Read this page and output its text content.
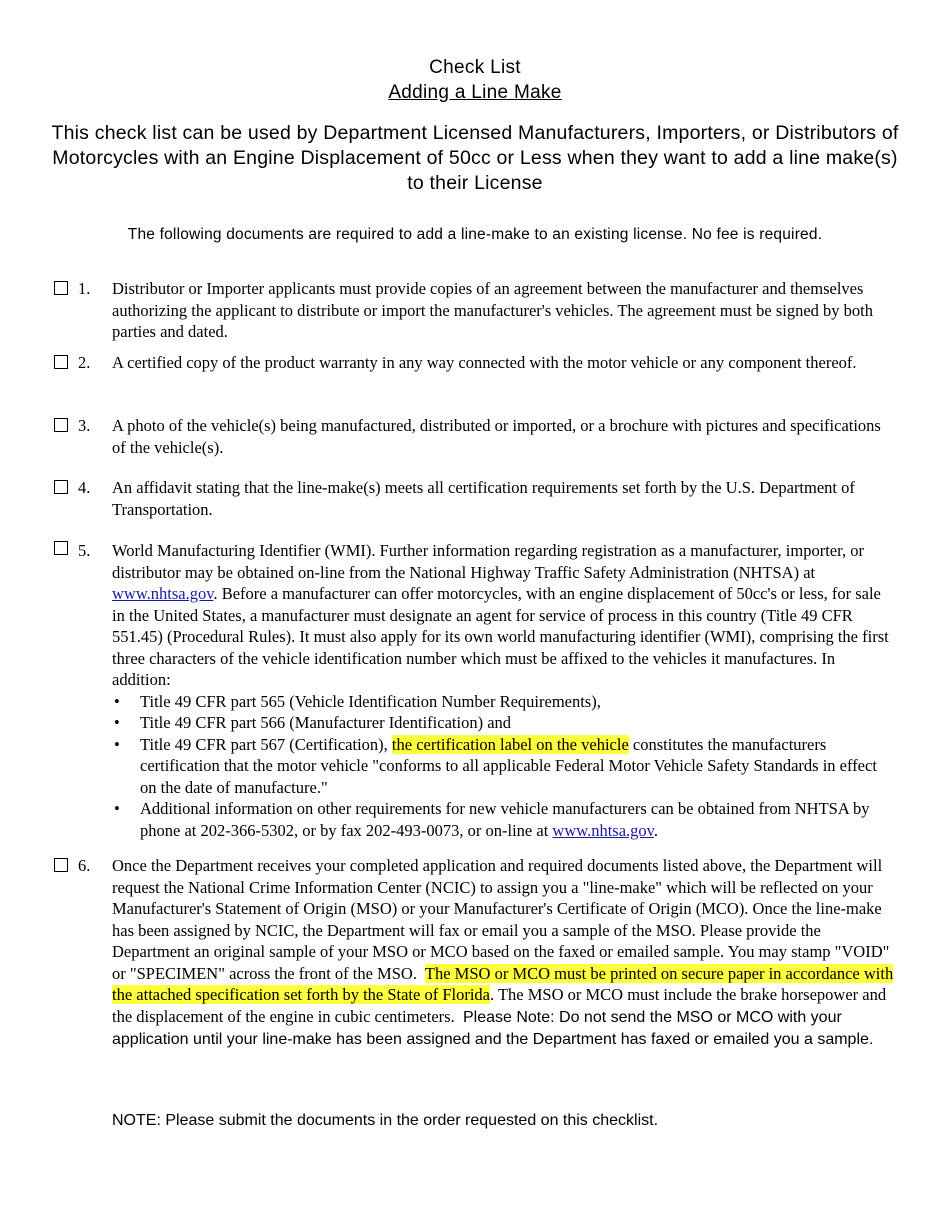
Check List
Adding a Line Make
This check list can be used by Department Licensed Manufacturers, Importers, or Distributors of Motorcycles with an Engine Displacement of 50cc or Less when they want to add a line make(s) to their License
The following documents are required to add a line-make to an existing license. No fee is required.
1. Distributor or Importer applicants must provide copies of an agreement between the manufacturer and themselves authorizing the applicant to distribute or import the manufacturer's vehicles. The agreement must be signed by both parties and dated.
2. A certified copy of the product warranty in any way connected with the motor vehicle or any component thereof.
3. A photo of the vehicle(s) being manufactured, distributed or imported, or a brochure with pictures and specifications of the vehicle(s).
4. An affidavit stating that the line-make(s) meets all certification requirements set forth by the U.S. Department of Transportation.
5. World Manufacturing Identifier (WMI). Further information regarding registration as a manufacturer, importer, or distributor may be obtained on-line from the National Highway Traffic Safety Administration (NHTSA) at www.nhtsa.gov. Before a manufacturer can offer motorcycles, with an engine displacement of 50cc's or less, for sale in the United States, a manufacturer must designate an agent for service of process in this country (Title 49 CFR 551.45) (Procedural Rules). It must also apply for its own world manufacturing identifier (WMI), comprising the first three characters of the vehicle identification number which must be affixed to the vehicles it manufactures. In addition:
• Title 49 CFR part 565 (Vehicle Identification Number Requirements),
• Title 49 CFR part 566 (Manufacturer Identification) and
• Title 49 CFR part 567 (Certification), the certification label on the vehicle constitutes the manufacturers certification that the motor vehicle "conforms to all applicable Federal Motor Vehicle Safety Standards in effect on the date of manufacture."
• Additional information on other requirements for new vehicle manufacturers can be obtained from NHTSA by phone at 202-366-5302, or by fax 202-493-0073, or on-line at www.nhtsa.gov.
6. Once the Department receives your completed application and required documents listed above, the Department will request the National Crime Information Center (NCIC) to assign you a "line-make" which will be reflected on your Manufacturer's Statement of Origin (MSO) or your Manufacturer's Certificate of Origin (MCO). Once the line-make has been assigned by NCIC, the Department will fax or email you a sample of the MSO. Please provide the Department an original sample of your MSO or MCO based on the faxed or emailed sample. You may stamp "VOID" or "SPECIMEN" across the front of the MSO. The MSO or MCO must be printed on secure paper in accordance with the attached specification set forth by the State of Florida. The MSO or MCO must include the brake horsepower and the displacement of the engine in cubic centimeters. Please Note: Do not send the MSO or MCO with your application until your line-make has been assigned and the Department has faxed or emailed you a sample.
NOTE: Please submit the documents in the order requested on this checklist.
